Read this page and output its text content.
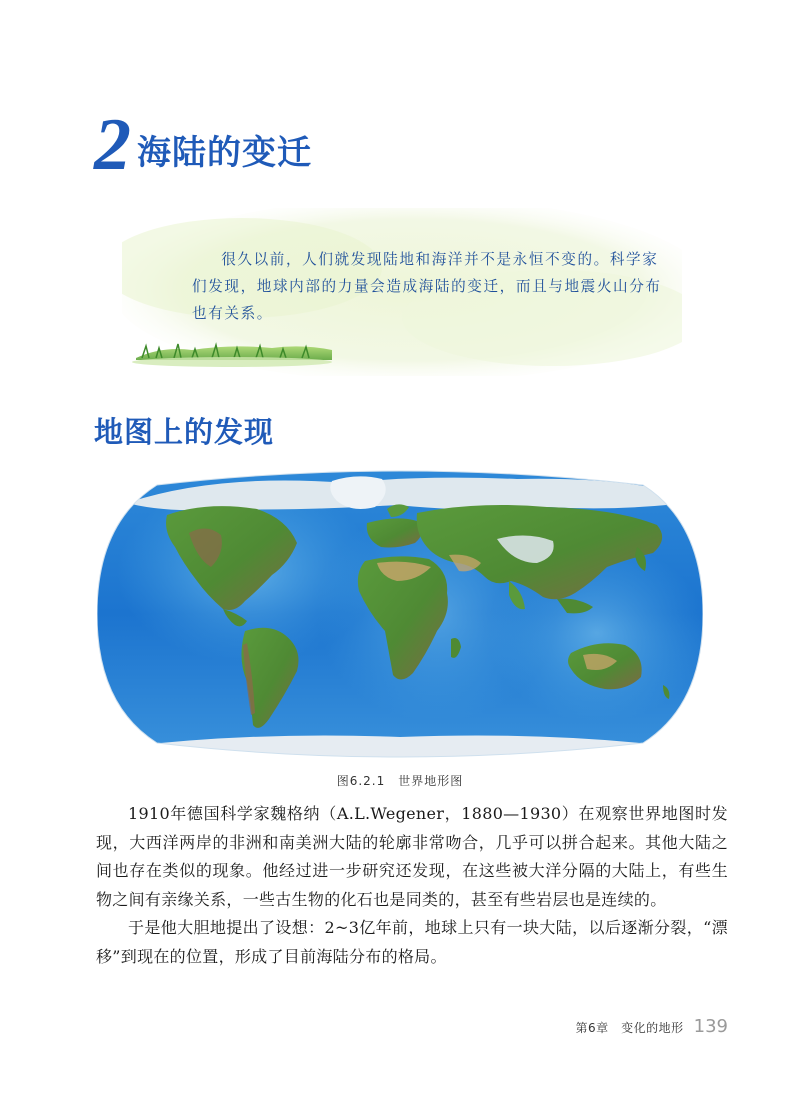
2 海陆的变迁

很久以前，人们就发现陆地和海洋并不是永恒不变的。科学家们发现，地球内部的力量会造成海陆的变迁，而且与地震火山分布也有关系。

地图上的发现
图6.2.1　世界地形图

1910年德国科学家魏格纳（A.L.Wegener，1880—1930）在观察世界地图时发现，大西洋两岸的非洲和南美洲大陆的轮廓非常吻合，几乎可以拼合起来。其他大陆之间也存在类似的现象。他经过进一步研究还发现，在这些被大洋分隔的大陆上，有些生物之间有亲缘关系，一些古生物的化石也是同类的，甚至有些岩层也是连续的。

于是他大胆地提出了设想：2~3亿年前，地球上只有一块大陆，以后逐渐分裂，“漂移”到现在的位置，形成了目前海陆分布的格局。

第6章　变化的地形 139
